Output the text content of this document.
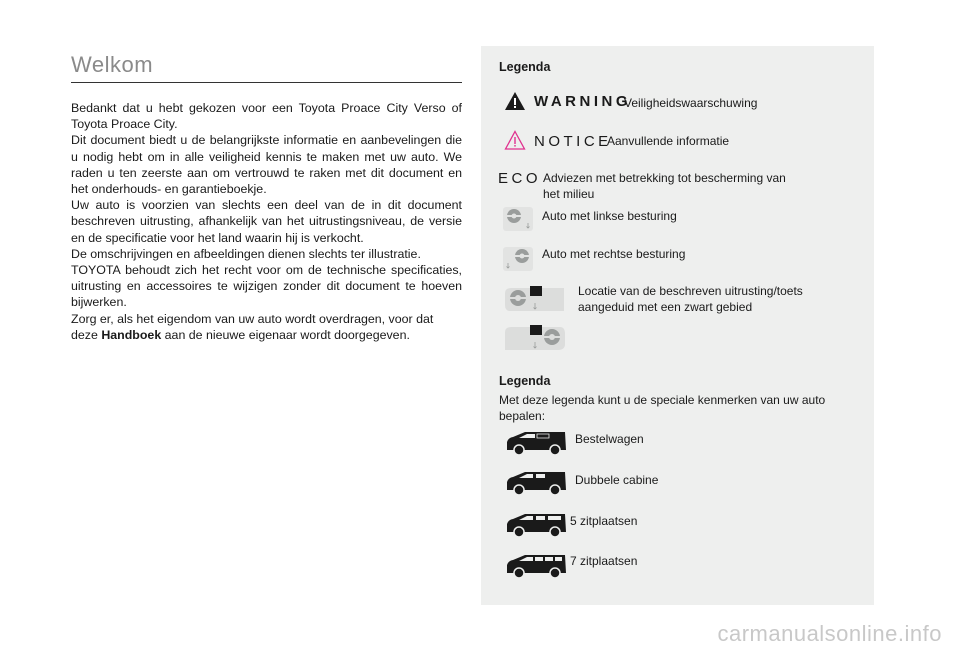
Welkom

Bedankt dat u hebt gekozen voor een Toyota Proace City Verso of Toyota Proace City.

Dit document biedt u de belangrijkste informatie en aanbevelingen die u nodig hebt om in alle veiligheid kennis te maken met uw auto. We raden u ten zeerste aan om vertrouwd te raken met dit document en het onderhouds- en garantieboekje.

Uw auto is voorzien van slechts een deel van de in dit document beschreven uitrusting, afhankelijk van het uitrustingsniveau, de versie en de specificatie voor het land waarin hij is verkocht.

De omschrijvingen en afbeeldingen dienen slechts ter illustratie.

TOYOTA behoudt zich het recht voor om de technische specificaties, uitrusting en accessoires te wijzigen zonder dit document te hoeven bijwerken.

Zorg er, als het eigendom van uw auto wordt overdragen, voor dat deze Handboek aan de nieuwe eigenaar wordt doorgegeven.

Legenda
WARNING
Veiligheidswaarschuwing
NOTICE
Aanvullende informatie
ECO Adviezen met betrekking tot bescherming van het milieu
Auto met linkse besturing
Auto met rechtse besturing
Locatie van de beschreven uitrusting/toets aangeduid met een zwart gebied
Legenda
Met deze legenda kunt u de speciale kenmerken van uw auto bepalen:
Bestelwagen
Dubbele cabine
5 zitplaatsen
7 zitplaatsen
carmanualsonline.info
